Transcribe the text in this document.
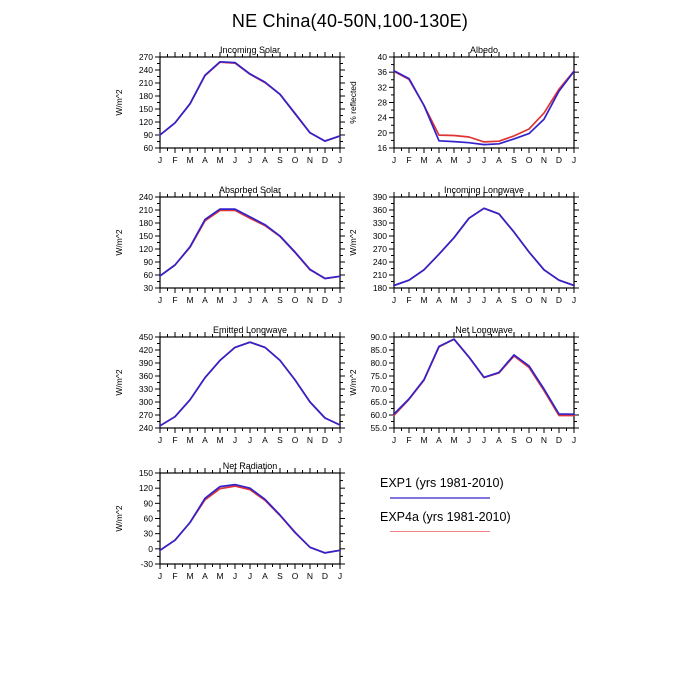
NE China(40-50N,100-130E)
60
90
120
150
180
210
240
270
J F M A M J J A S O N D J
Incoming Solar
W/m^2
16
20
24
28
32
36
40
J F M A M J J A S O N D J
Albedo
% reflected
30
60
90
120
150
180
210
240
J F M A M J J A S O N D J
Absorbed Solar
W/m^2
180
210
240
270
300
330
360
390
J F M A M J J A S O N D J
Incoming Longwave
W/m^2
240
270
300
330
360
390
420
450
J F M A M J J A S O N D J
Emitted Longwave
W/m^2
55.0
60.0
65.0
70.0
75.0
80.0
85.0
90.0
J F M A M J J A S O N D J
Net Longwave
W/m^2
-30
0
30
60
90
120
150
J F M A M J J A S O N D J
Net Radiation
W/m^2
EXP1 (yrs 1981-2010)
EXP4a (yrs 1981-2010)
